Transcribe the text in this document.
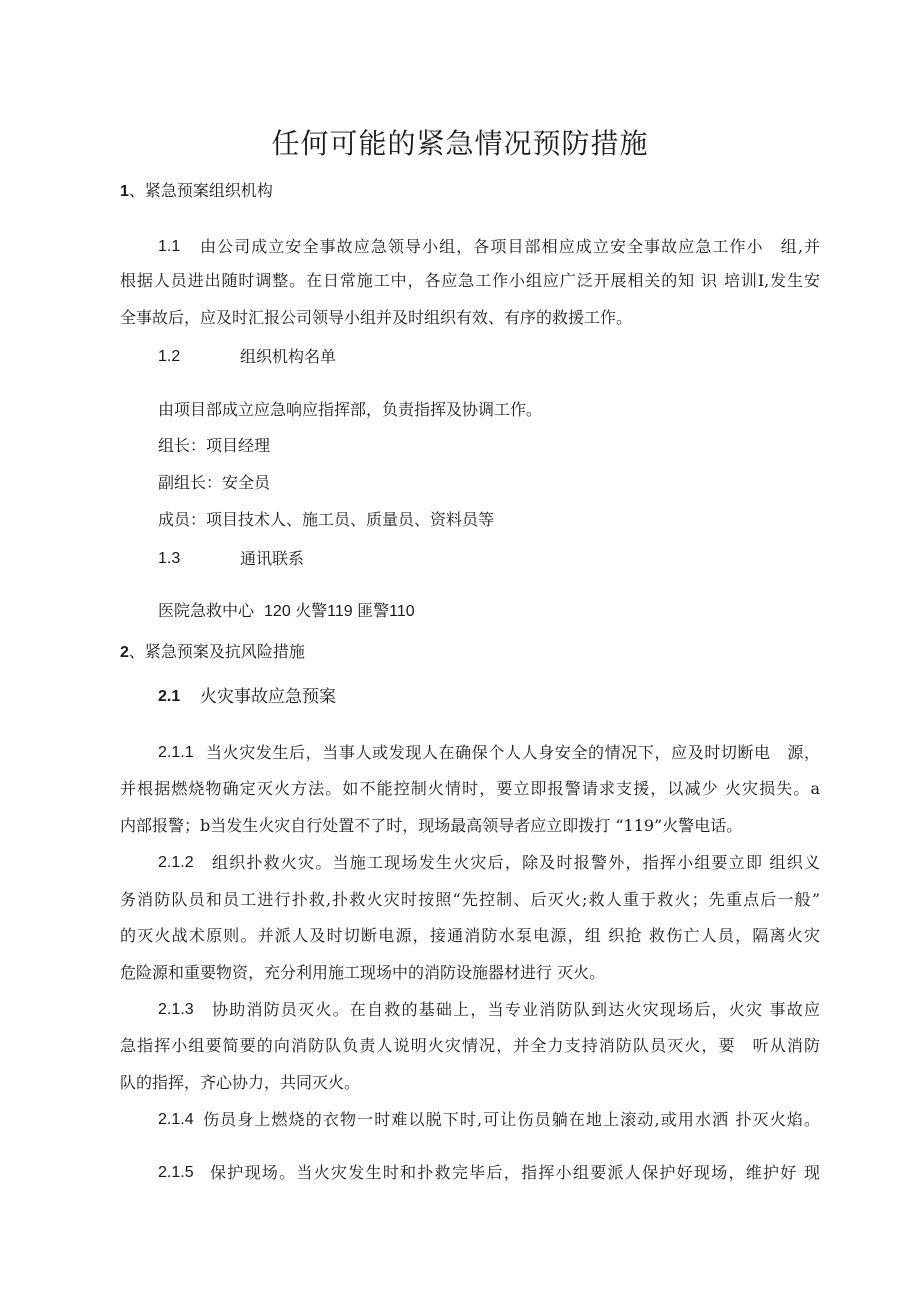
任何可能的紧急情况预防措施
1、紧急预案组织机构
1.1 由公司成立安全事故应急领导小组，各项目部相应成立安全事故应急工作小　组,并
根据人员进出随时调整。在日常施工中，各应急工作小组应广泛开展相关的知 识 培训I,发生安
全事故后，应及时汇报公司领导小组并及时组织有效、有序的救援工作。
1.2	组织机构名单
由项目部成立应急响应指挥部，负责指挥及协调工作。
组长：项目经理
副组长：安全员
成员：项目技术人、施工员、质量员、资料员等
1.3	通讯联系
医院急救中心 120 火警119 匪警110
2、紧急预案及抗风险措施
2.1 火灾事故应急预案
2.1.1 当火灾发生后，当事人或发现人在确保个人人身安全的情况下，应及时切断电　源，
并根据燃烧物确定灭火方法。如不能控制火情时，要立即报警请求支援，以减少 火灾损失。a
内部报警；b当发生火灾自行处置不了时，现场最高领导者应立即拨打 “119”火警电话。
2.1.2 组织扑救火灾。当施工现场发生火灾后，除及时报警外，指挥小组要立即 组织义
务消防队员和员工进行扑救,扑救火灾时按照“先控制、后灭火;救人重于救火；先重点后一般”
的灭火战术原则。并派人及时切断电源，接通消防水泵电源，组 织抢 救伤亡人员，隔离火灾
危险源和重要物资，充分利用施工现场中的消防设施器材进行 灭火。
2.1.3 协助消防员灭火。在自救的基础上，当专业消防队到达火灾现场后，火灾 事故应
急指挥小组要简要的向消防队负责人说明火灾情况，并全力支持消防队员灭火，要　听从消防
队的指挥，齐心协力，共同灭火。
2.1.4 伤员身上燃烧的衣物一时难以脱下时,可让伤员躺在地上滚动,或用水洒 扑灭火焰。
2.1.5 保护现场。当火灾发生时和扑救完毕后，指挥小组要派人保护好现场，维护好 现
